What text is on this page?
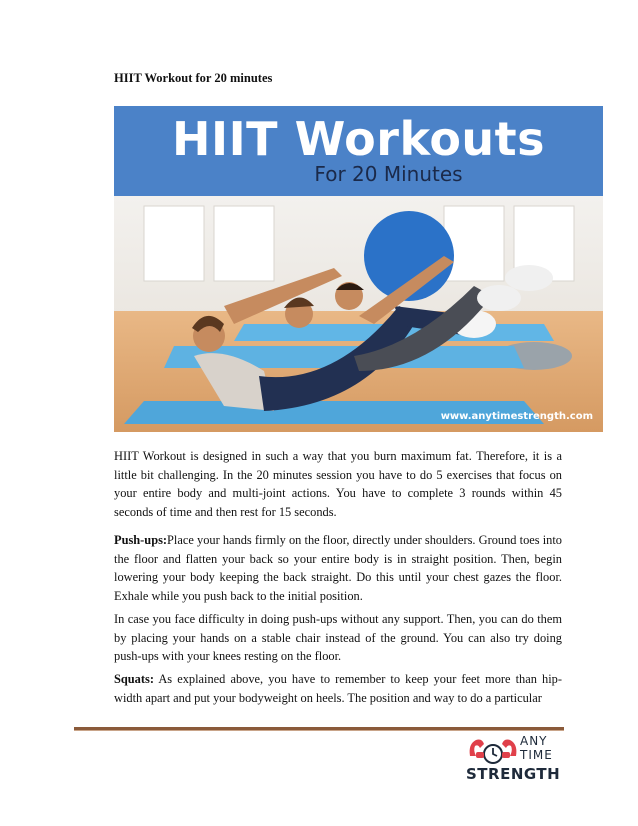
HIIT Workout for 20 minutes
HIIT Workouts
For 20 Minutes
www.anytimestrength.com

HIIT Workout is designed in such a way that you burn maximum fat. Therefore, it is a little bit challenging. In the 20 minutes session you have to do 5 exercises that focus on your entire body and multi-joint actions. You have to complete 3 rounds within 45 seconds of time and then rest for 15 seconds.

Push-ups:Place your hands firmly on the floor, directly under shoulders. Ground toes into the floor and flatten your back so your entire body is in straight position. Then, begin lowering your body keeping the back straight. Do this until your chest gazes the floor. Exhale while you push back to the initial position.

In case you face difficulty in doing push-ups without any support. Then, you can do them by placing your hands on a stable chair instead of the ground. You can also try doing push-ups with your knees resting on the floor.

Squats: As explained above, you have to remember to keep your feet more than hip-width apart and put your bodyweight on heels. The position and way to do a particular

ANY
TIME
STRENGTH
